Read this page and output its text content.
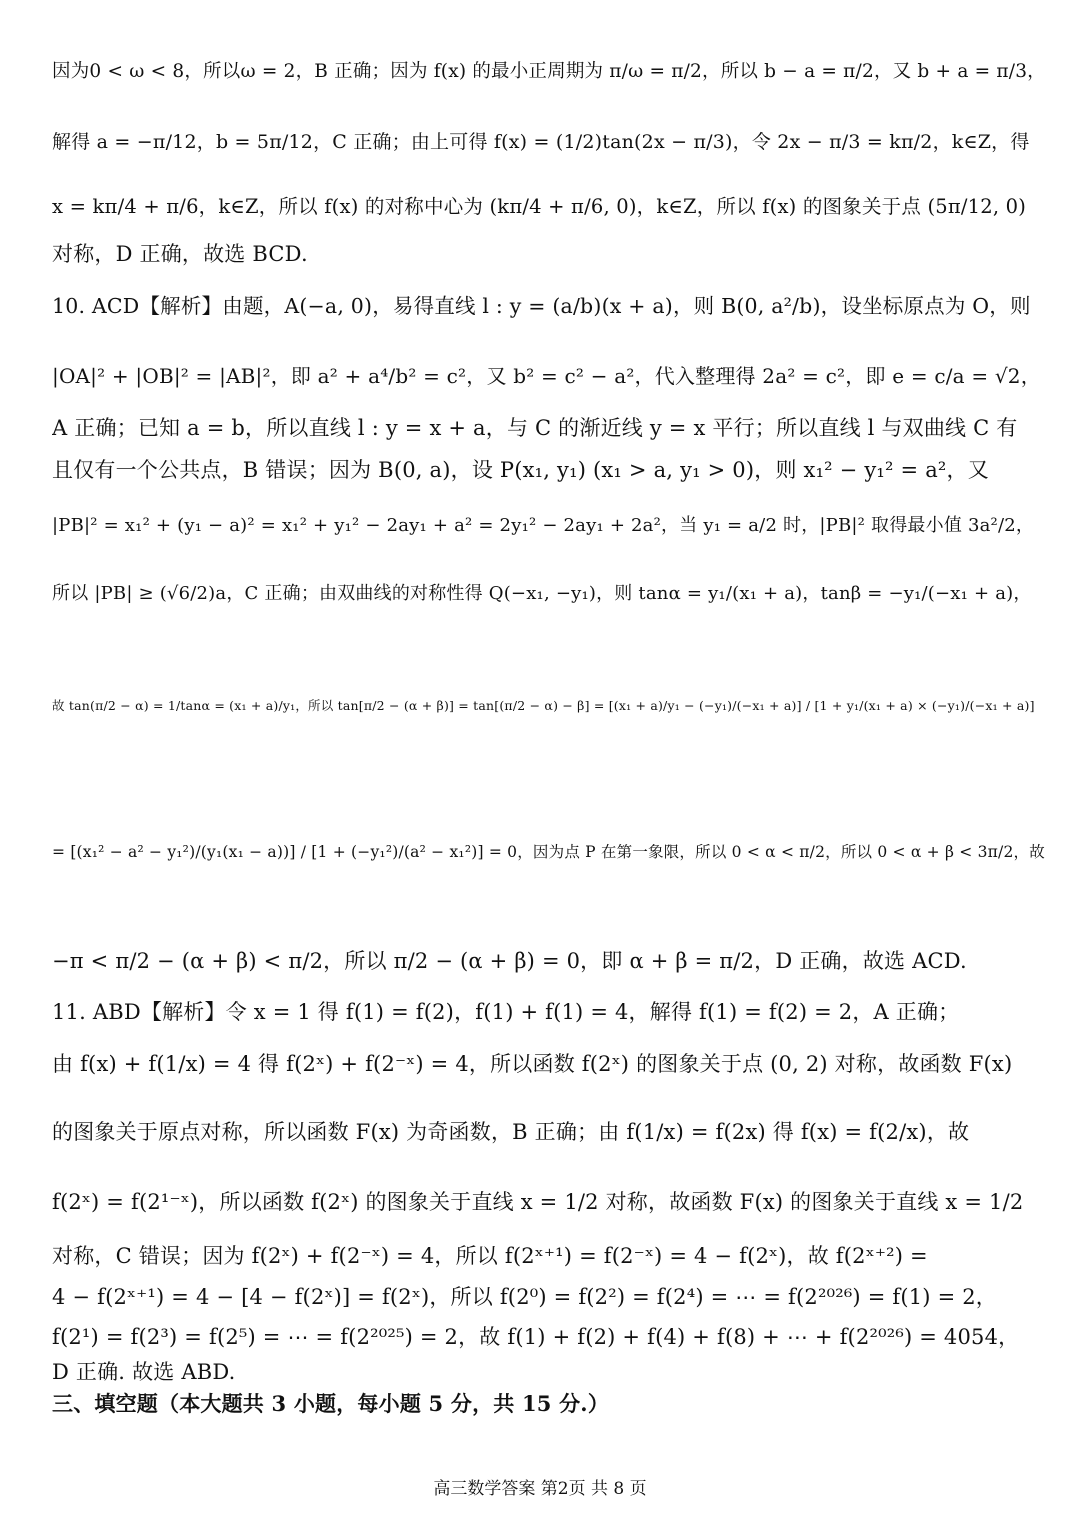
因为0 < ω < 8，所以ω = 2，B 正确；因为 f(x) 的最小正周期为 π/ω = π/2，所以 b − a = π/2，又 b + a = π/3，
解得 a = −π/12，b = 5π/12，C 正确；由上可得 f(x) = (1/2)tan(2x − π/3)，令 2x − π/3 = kπ/2，k∈Z，得
x = kπ/4 + π/6，k∈Z，所以 f(x) 的对称中心为 (kπ/4 + π/6, 0)，k∈Z，所以 f(x) 的图象关于点 (5π/12, 0)
对称，D 正确，故选 BCD.
10. ACD【解析】由题，A(−a, 0)，易得直线 l : y = (a/b)(x + a)，则 B(0, a²/b)，设坐标原点为 O，则
|OA|² + |OB|² = |AB|²，即 a² + a⁴/b² = c²，又 b² = c² − a²，代入整理得 2a² = c²，即 e = c/a = √2，
A 正确；已知 a = b，所以直线 l : y = x + a，与 C 的渐近线 y = x 平行；所以直线 l 与双曲线 C 有
且仅有一个公共点，B 错误；因为 B(0, a)，设 P(x₁, y₁) (x₁ > a, y₁ > 0)，则 x₁² − y₁² = a²，又
|PB|² = x₁² + (y₁ − a)² = x₁² + y₁² − 2ay₁ + a² = 2y₁² − 2ay₁ + 2a²，当 y₁ = a/2 时，|PB|² 取得最小值 3a²/2，
所以 |PB| ≥ (√6/2)a，C 正确；由双曲线的对称性得 Q(−x₁, −y₁)，则 tanα = y₁/(x₁ + a)，tanβ = −y₁/(−x₁ + a)，
故 tan(π/2 − α) = 1/tanα = (x₁ + a)/y₁，所以 tan[π/2 − (α + β)] = tan[(π/2 − α) − β] = [(x₁ + a)/y₁ − (−y₁)/(−x₁ + a)] / [1 + y₁/(x₁ + a) × (−y₁)/(−x₁ + a)]
= [(x₁² − a² − y₁²)/(y₁(x₁ − a))] / [1 + (−y₁²)/(a² − x₁²)] = 0，因为点 P 在第一象限，所以 0 < α < π/2，所以 0 < α + β < 3π/2，故
−π < π/2 − (α + β) < π/2，所以 π/2 − (α + β) = 0，即 α + β = π/2，D 正确，故选 ACD.
11. ABD【解析】令 x = 1 得 f(1) = f(2)，f(1) + f(1) = 4，解得 f(1) = f(2) = 2，A 正确；
由 f(x) + f(1/x) = 4 得 f(2ˣ) + f(2⁻ˣ) = 4，所以函数 f(2ˣ) 的图象关于点 (0, 2) 对称，故函数 F(x)
的图象关于原点对称，所以函数 F(x) 为奇函数，B 正确；由 f(1/x) = f(2x) 得 f(x) = f(2/x)，故
f(2ˣ) = f(2¹⁻ˣ)，所以函数 f(2ˣ) 的图象关于直线 x = 1/2 对称，故函数 F(x) 的图象关于直线 x = 1/2
对称，C 错误；因为 f(2ˣ) + f(2⁻ˣ) = 4，所以 f(2ˣ⁺¹) = f(2⁻ˣ) = 4 − f(2ˣ)，故 f(2ˣ⁺²) =
4 − f(2ˣ⁺¹) = 4 − [4 − f(2ˣ)] = f(2ˣ)，所以 f(2⁰) = f(2²) = f(2⁴) = ⋯ = f(2²⁰²⁶) = f(1) = 2，
f(2¹) = f(2³) = f(2⁵) = ⋯ = f(2²⁰²⁵) = 2，故 f(1) + f(2) + f(4) + f(8) + ⋯ + f(2²⁰²⁶) = 4054，
D 正确. 故选 ABD.
三、填空题（本大题共 3 小题，每小题 5 分，共 15 分.）
高三数学答案 第2页 共 8 页
